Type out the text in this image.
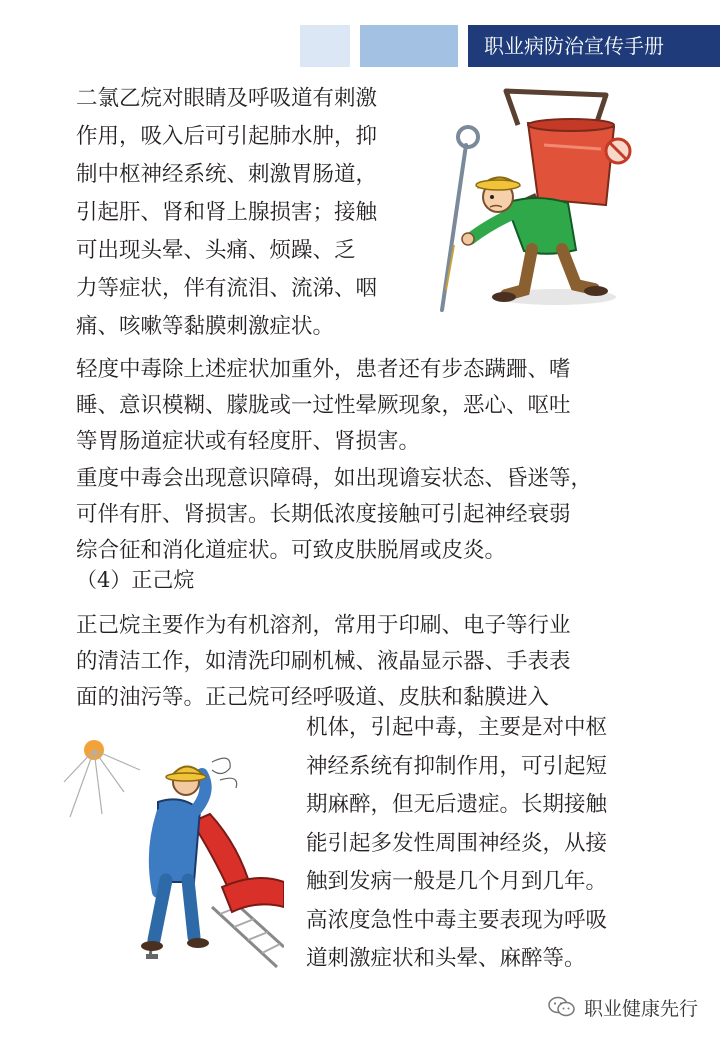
职业病防治宣传手册
二氯乙烷对眼睛及呼吸道有刺激
作用，吸入后可引起肺水肿，抑
制中枢神经系统、刺激胃肠道，
引起肝、肾和肾上腺损害；接触
可出现头晕、头痛、烦躁、乏
力等症状，伴有流泪、流涕、咽
痛、咳嗽等黏膜刺激症状。
轻度中毒除上述症状加重外，患者还有步态蹒跚、嗜
睡、意识模糊、朦胧或一过性晕厥现象，恶心、呕吐
等胃肠道症状或有轻度肝、肾损害。
重度中毒会出现意识障碍，如出现谵妄状态、昏迷等，
可伴有肝、肾损害。长期低浓度接触可引起神经衰弱
综合征和消化道症状。可致皮肤脱屑或皮炎。
（4）正己烷
正己烷主要作为有机溶剂，常用于印刷、电子等行业
的清洁工作，如清洗印刷机械、液晶显示器、手表表
面的油污等。正己烷可经呼吸道、皮肤和黏膜进入
机体，引起中毒，主要是对中枢
神经系统有抑制作用，可引起短
期麻醉，但无后遗症。长期接触
能引起多发性周围神经炎，从接
触到发病一般是几个月到几年。
高浓度急性中毒主要表现为呼吸
道刺激症状和头晕、麻醉等。
职业健康先行
